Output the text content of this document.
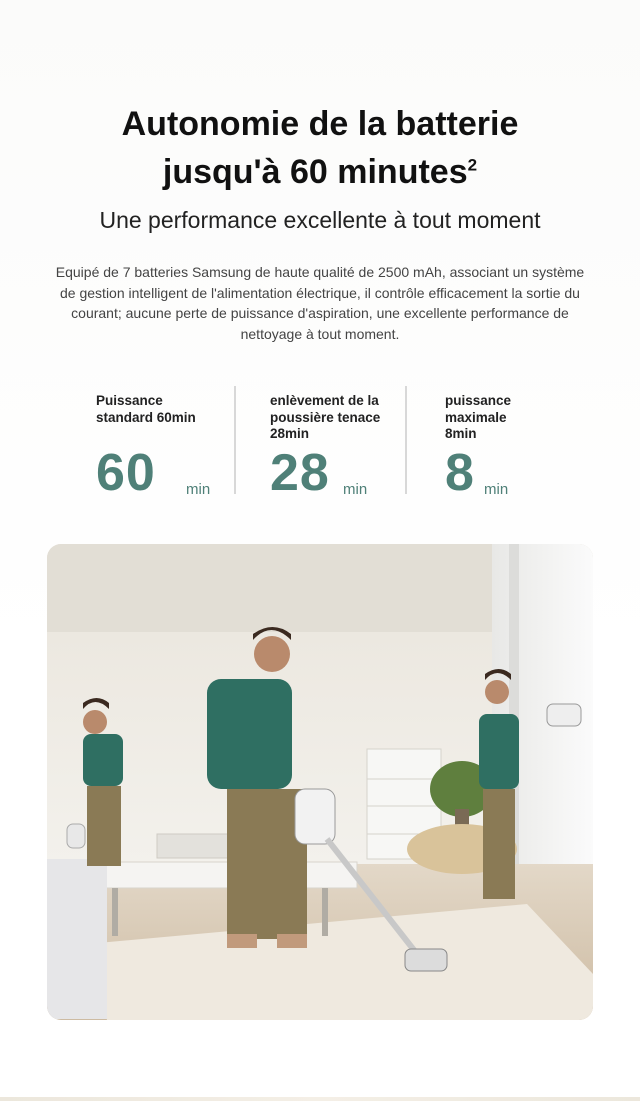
Autonomie de la batterie
jusqu'à 60 minutes$^2$
Une performance excellente à tout moment
Equipé de 7 batteries Samsung de haute qualité de 2500 mAh, associant un système de gestion intelligent de l'alimentation électrique, il contrôle efficacement la sortie du courant; aucune perte de puissance d'aspiration, une excellente performance de nettoyage à tout moment.
Puissance standard 60min
60 min
enlèvement de la poussière tenace 28min
28 min
puissance maximale 8min
8 min
